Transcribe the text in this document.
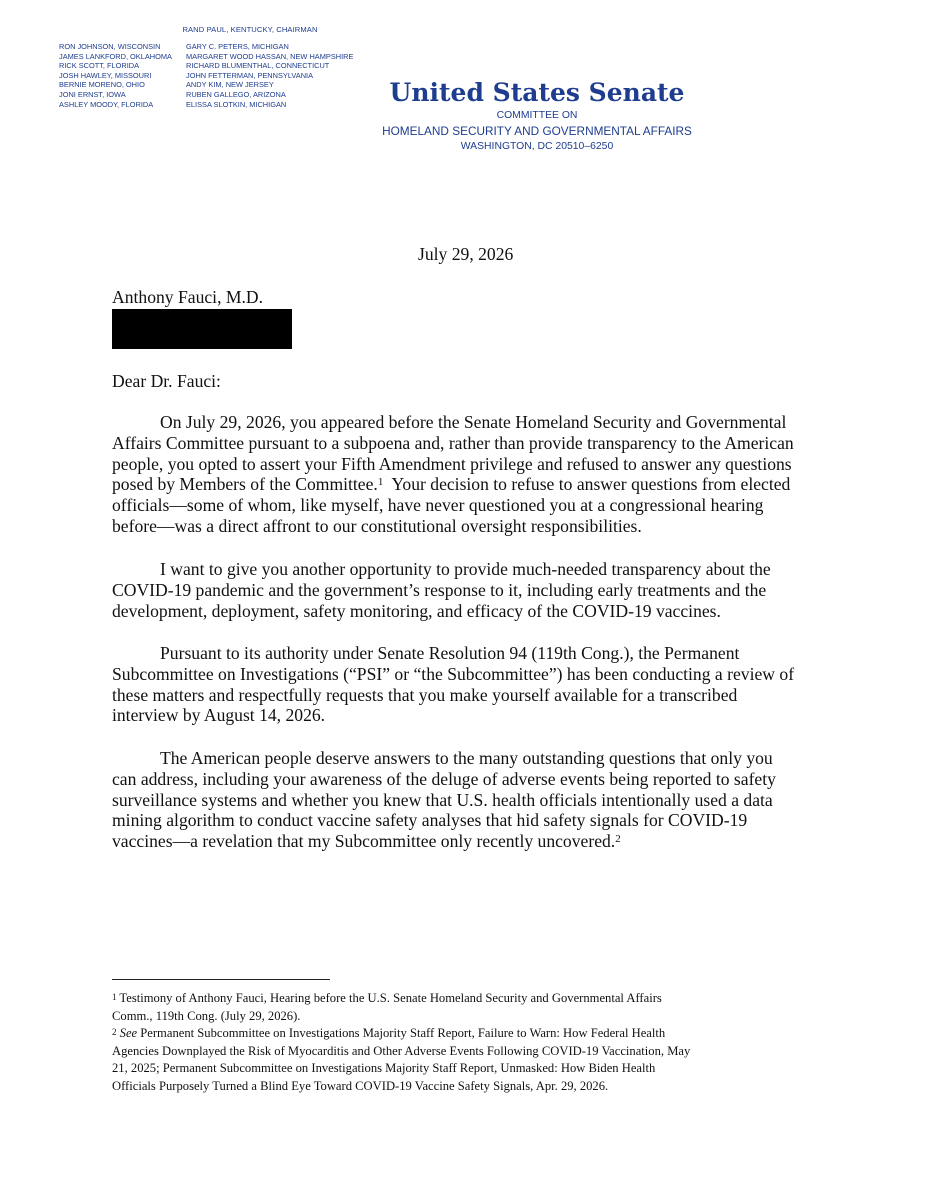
RAND PAUL, KENTUCKY, CHAIRMAN
RON JOHNSON, WISCONSIN
JAMES LANKFORD, OKLAHOMA
RICK SCOTT, FLORIDA
JOSH HAWLEY, MISSOURI
BERNIE MORENO, OHIO
JONI ERNST, IOWA
ASHLEY MOODY, FLORIDA
GARY C. PETERS, MICHIGAN
MARGARET WOOD HASSAN, NEW HAMPSHIRE
RICHARD BLUMENTHAL, CONNECTICUT
JOHN FETTERMAN, PENNSYLVANIA
ANDY KIM, NEW JERSEY
RUBEN GALLEGO, ARIZONA
ELISSA SLOTKIN, MICHIGAN	United States Senate
COMMITTEE ON
HOMELAND SECURITY AND GOVERNMENTAL AFFAIRS
WASHINGTON, DC 20510–6250
July 29, 2026
Anthony Fauci, M.D.
Dear Dr. Fauci:
On July 29, 2026, you appeared before the Senate Homeland Security and Governmental
Affairs Committee pursuant to a subpoena and, rather than provide transparency to the American
people, you opted to assert your Fifth Amendment privilege and refused to answer any questions
posed by Members of the Committee.$^1$  Your decision to refuse to answer questions from elected
officials—some of whom, like myself, have never questioned you at a congressional hearing
before—was a direct affront to our constitutional oversight responsibilities.
I want to give you another opportunity to provide much-needed transparency about the
COVID-19 pandemic and the government’s response to it, including early treatments and the
development, deployment, safety monitoring, and efficacy of the COVID-19 vaccines.
Pursuant to its authority under Senate Resolution 94 (119th Cong.), the Permanent
Subcommittee on Investigations (“PSI” or “the Subcommittee”) has been conducting a review of
these matters and respectfully requests that you make yourself available for a transcribed
interview by August 14, 2026.
The American people deserve answers to the many outstanding questions that only you
can address, including your awareness of the deluge of adverse events being reported to safety
surveillance systems and whether you knew that U.S. health officials intentionally used a data
mining algorithm to conduct vaccine safety analyses that hid safety signals for COVID-19
vaccines—a revelation that my Subcommittee only recently uncovered.$^2$
$^1$ Testimony of Anthony Fauci, Hearing before the U.S. Senate Homeland Security and Governmental Affairs
Comm., 119th Cong. (July 29, 2026).
$^2$ See Permanent Subcommittee on Investigations Majority Staff Report, Failure to Warn: How Federal Health
Agencies Downplayed the Risk of Myocarditis and Other Adverse Events Following COVID-19 Vaccination, May
21, 2025; Permanent Subcommittee on Investigations Majority Staff Report, Unmasked: How Biden Health
Officials Purposely Turned a Blind Eye Toward COVID-19 Vaccine Safety Signals, Apr. 29, 2026.
